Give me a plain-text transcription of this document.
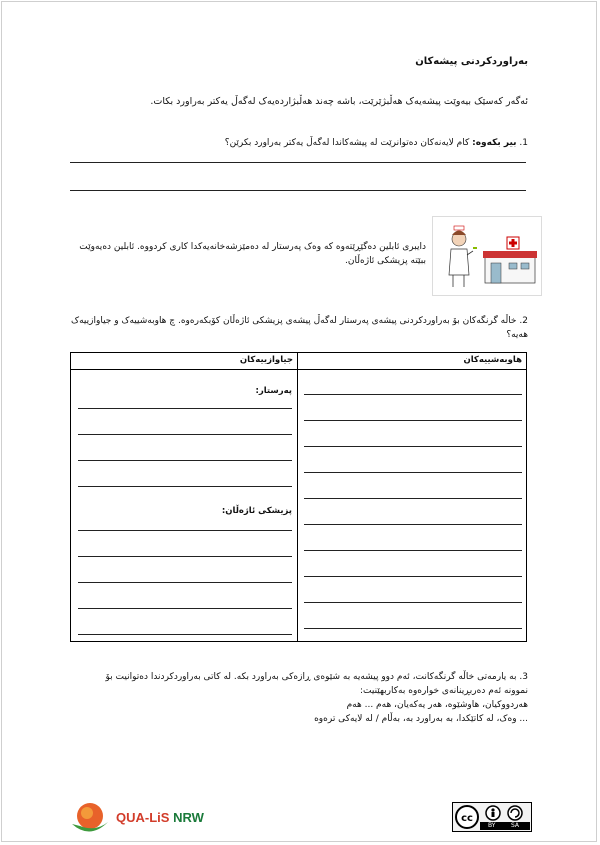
بەراوردکردنی پیشەکان
ئەگەر کەسێک بیەوێت پیشەیەک هەڵبژێرێت، باشە چەند هەڵبژاردەیەک لەگەڵ یەکتر بەراورد بکات.
1. بیر بکەوە: کام لایەنەکان دەتوانرێت لە پیشەکاندا لەگەڵ یەکتر بەراورد بکرێن؟
دایبری ئابلین دەگێڕێتەوە کە وەک پەرستار لە دەمێزشەخانەیەکدا کاری کردووە. ئابلین دەیەوێت ببێتە پزیشکی ئاژەڵان.
2. خاڵە گرنگەکان بۆ بەراوردکردنی پیشەی پەرستار لەگەڵ پیشەی پزیشکی ئاژەڵان کۆبکەرەوە. چ هاوبەشییەک و جیاوازییەک هەیە؟
هاوبەشییەکان
جیاوازییەکان
پەرستار:
پزیشکی ئاژەڵان:
3. بە یارمەتی خاڵە گرنگەکانت، ئەم دوو پیشەیە بە شێوەی ڕازەکی بەراورد بکە. لە کاتی بەراوردکردندا دەتوانیت بۆ
نموونە ئەم دەربڕینانەی خوارەوە بەکاربهێنیت:
هەردووکیان، هاوشێوە، هەر یەکەیان، هەم ... هەم
... وەک، لە کاتێکدا، بە بەراورد بە، بەڵام / لە لایەکی ترەوە
QUA-LiS NRW	cc
BY	SA
